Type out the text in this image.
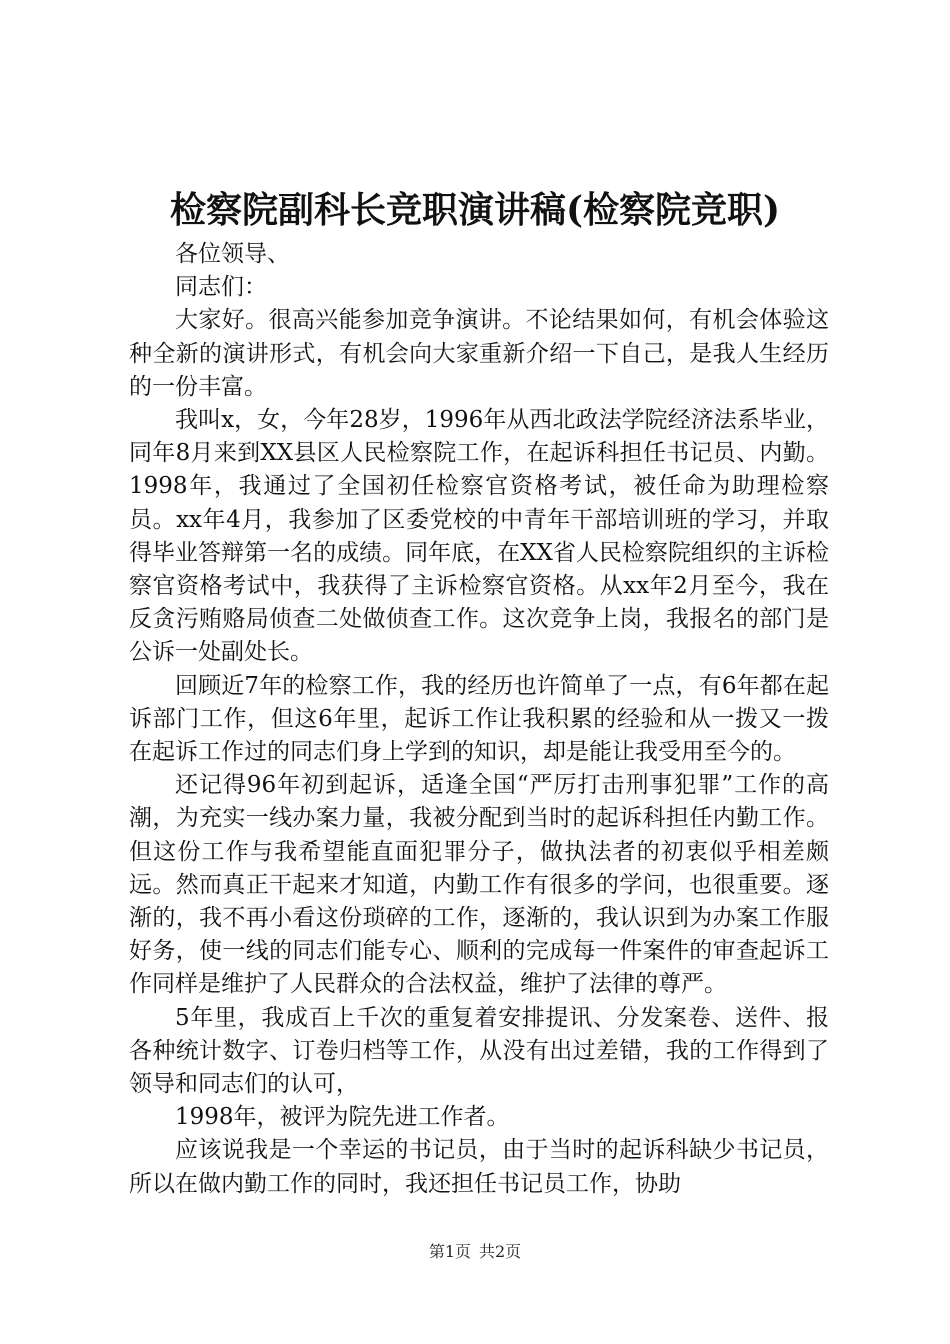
检察院副科长竞职演讲稿(检察院竞职)

各位领导、

同志们：

大家好。很高兴能参加竞争演讲。不论结果如何，有机会体验这种全新的演讲形式，有机会向大家重新介绍一下自己，是我人生经历的一份丰富。

我叫x，女，今年28岁，1996年从西北政法学院经济法系毕业，同年8月来到XX县区人民检察院工作，在起诉科担任书记员、内勤。1998年，我通过了全国初任检察官资格考试，被任命为助理检察员。xx年4月，我参加了区委党校的中青年干部培训班的学习，并取得毕业答辩第一名的成绩。同年底，在XX省人民检察院组织的主诉检察官资格考试中，我获得了主诉检察官资格。从xx年2月至今，我在反贪污贿赂局侦查二处做侦查工作。这次竞争上岗，我报名的部门是公诉一处副处长。

回顾近7年的检察工作，我的经历也许简单了一点，有6年都在起诉部门工作，但这6年里，起诉工作让我积累的经验和从一拨又一拨在起诉工作过的同志们身上学到的知识，却是能让我受用至今的。

还记得96年初到起诉，适逢全国“严厉打击刑事犯罪”工作的高潮，为充实一线办案力量，我被分配到当时的起诉科担任内勤工作。但这份工作与我希望能直面犯罪分子，做执法者的初衷似乎相差颇远。然而真正干起来才知道，内勤工作有很多的学问，也很重要。逐渐的，我不再小看这份琐碎的工作，逐渐的，我认识到为办案工作服好务，使一线的同志们能专心、顺利的完成每一件案件的审查起诉工作同样是维护了人民群众的合法权益，维护了法律的尊严。

5年里，我成百上千次的重复着安排提讯、分发案卷、送件、报各种统计数字、订卷归档等工作，从没有出过差错，我的工作得到了领导和同志们的认可，

1998年，被评为院先进工作者。

应该说我是一个幸运的书记员，由于当时的起诉科缺少书记员，所以在做内勤工作的同时，我还担任书记员工作，协助

第1页 共2页
